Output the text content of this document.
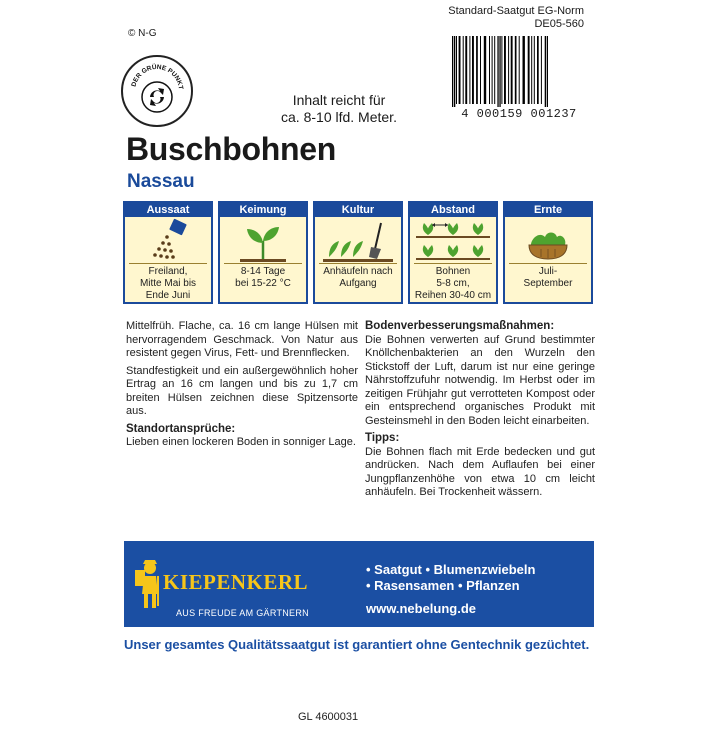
© N-G
DER GRÜNE PUNKT
Standard-Saatgut EG-Norm
DE05-560
4 000159 001237
Inhalt reicht für
ca. 8-10 lfd. Meter.
Buschbohnen
Nassau
Aussaat
Freiland,
Mitte Mai bis
Ende Juni
Keimung
8-14 Tage
bei 15-22 °C
Kultur
Anhäufeln nach
Aufgang
Abstand
Bohnen
5-8 cm,
Reihen 30-40 cm
Ernte
Juli-
September

Mittelfrüh. Flache, ca. 16 cm lange Hülsen mit hervorragendem Geschmack. Von Natur aus resistent gegen Virus, Fett- und Brennflecken.

Standfestigkeit und ein außergewöhnlich hoher Ertrag an 16 cm langen und bis zu 1,7 cm breiten Hülsen zeichnen diese Spitzensorte aus.

Standortansprüche:

Lieben einen lockeren Boden in sonniger Lage.

Bodenverbesserungsmaßnahmen:

Die Bohnen verwerten auf Grund bestimmter Knöllchenbakterien an den Wurzeln den Stickstoff der Luft, darum ist nur eine geringe Nährstoffzufuhr notwendig. Im Herbst oder im zeitigen Frühjahr gut verrotteten Kompost oder ein entsprechend organisches Produkt mit Gesteinsmehl in den Boden leicht einarbeiten.

Tipps:

Die Bohnen flach mit Erde bedecken und gut andrücken. Nach dem Auflaufen bei einer Jungpflanzenhöhe von etwa 10 cm leicht anhäufeln. Bei Trockenheit wässern.

KIEPENKERL
AUS FREUDE AM GÄRTNERN
• Saatgut • Blumenzwiebeln
• Rasensamen • Pflanzen
www.nebelung.de
Unser gesamtes Qualitätssaatgut ist garantiert ohne Gentechnik gezüchtet.
GL 4600031
